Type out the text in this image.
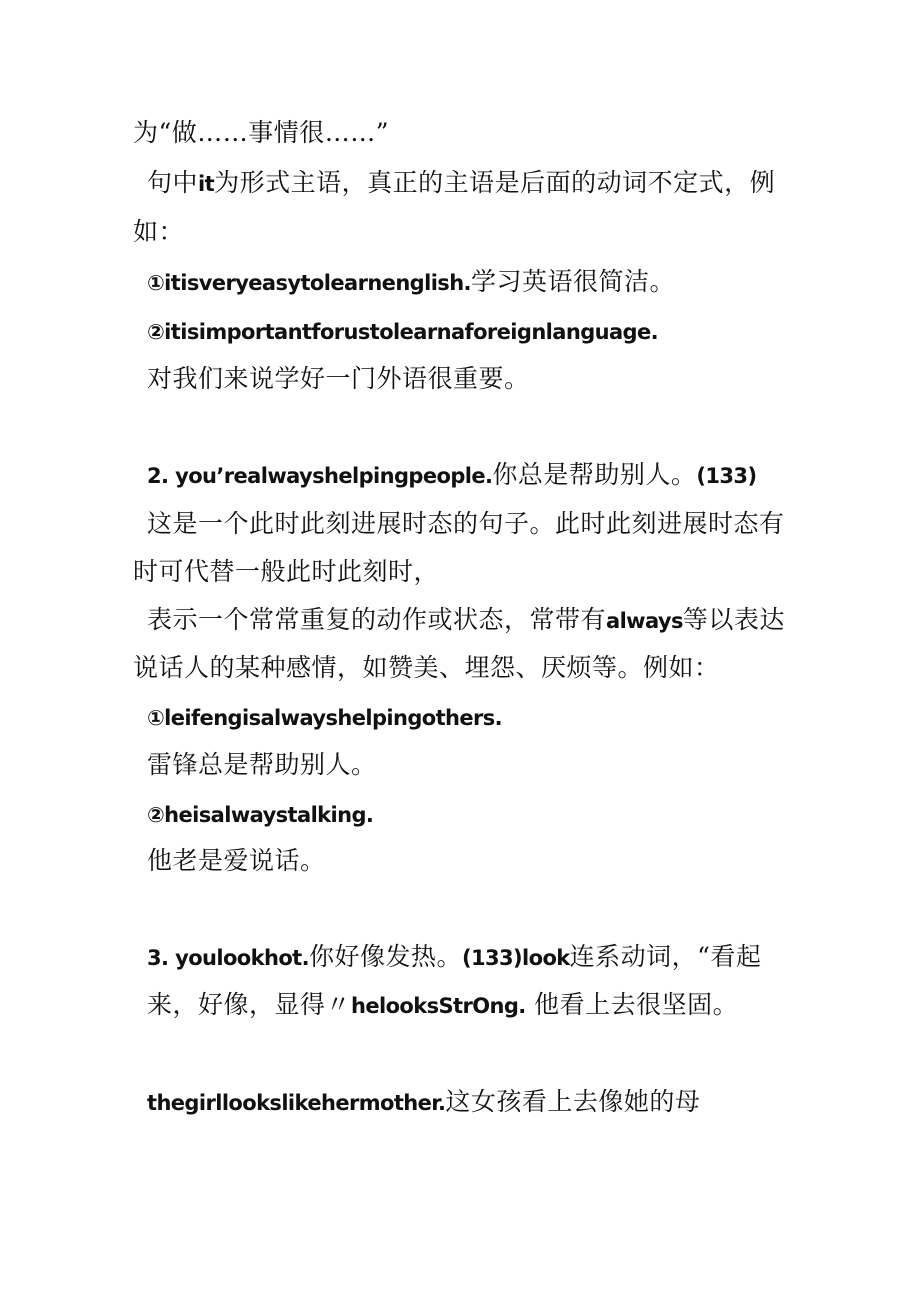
为“做……事情很……”
句中it为形式主语，真正的主语是后面的动词不定式，例
如：
①itisveryeasytolearnenglish.学习英语很简洁。
②itisimportantforustolearnaforeignlanguage.
对我们来说学好一门外语很重要。
2. you’realwayshelpingpeople.你总是帮助别人。(133)
这是一个此时此刻进展时态的句子。此时此刻进展时态有
时可代替一般此时此刻时，
表示一个常常重复的动作或状态，常带有always等以表达
说话人的某种感情，如赞美、埋怨、厌烦等。例如：
①leifengisalwayshelpingothers.
雷锋总是帮助别人。
②heisalwaystalking.
他老是爱说话。
3. youlookhot.你好像发热。(133)look连系动词，“看起
来，好像，显得〃helooksStrOng. 他看上去很坚固。
thegirllookslikehermother.这女孩看上去像她的母
